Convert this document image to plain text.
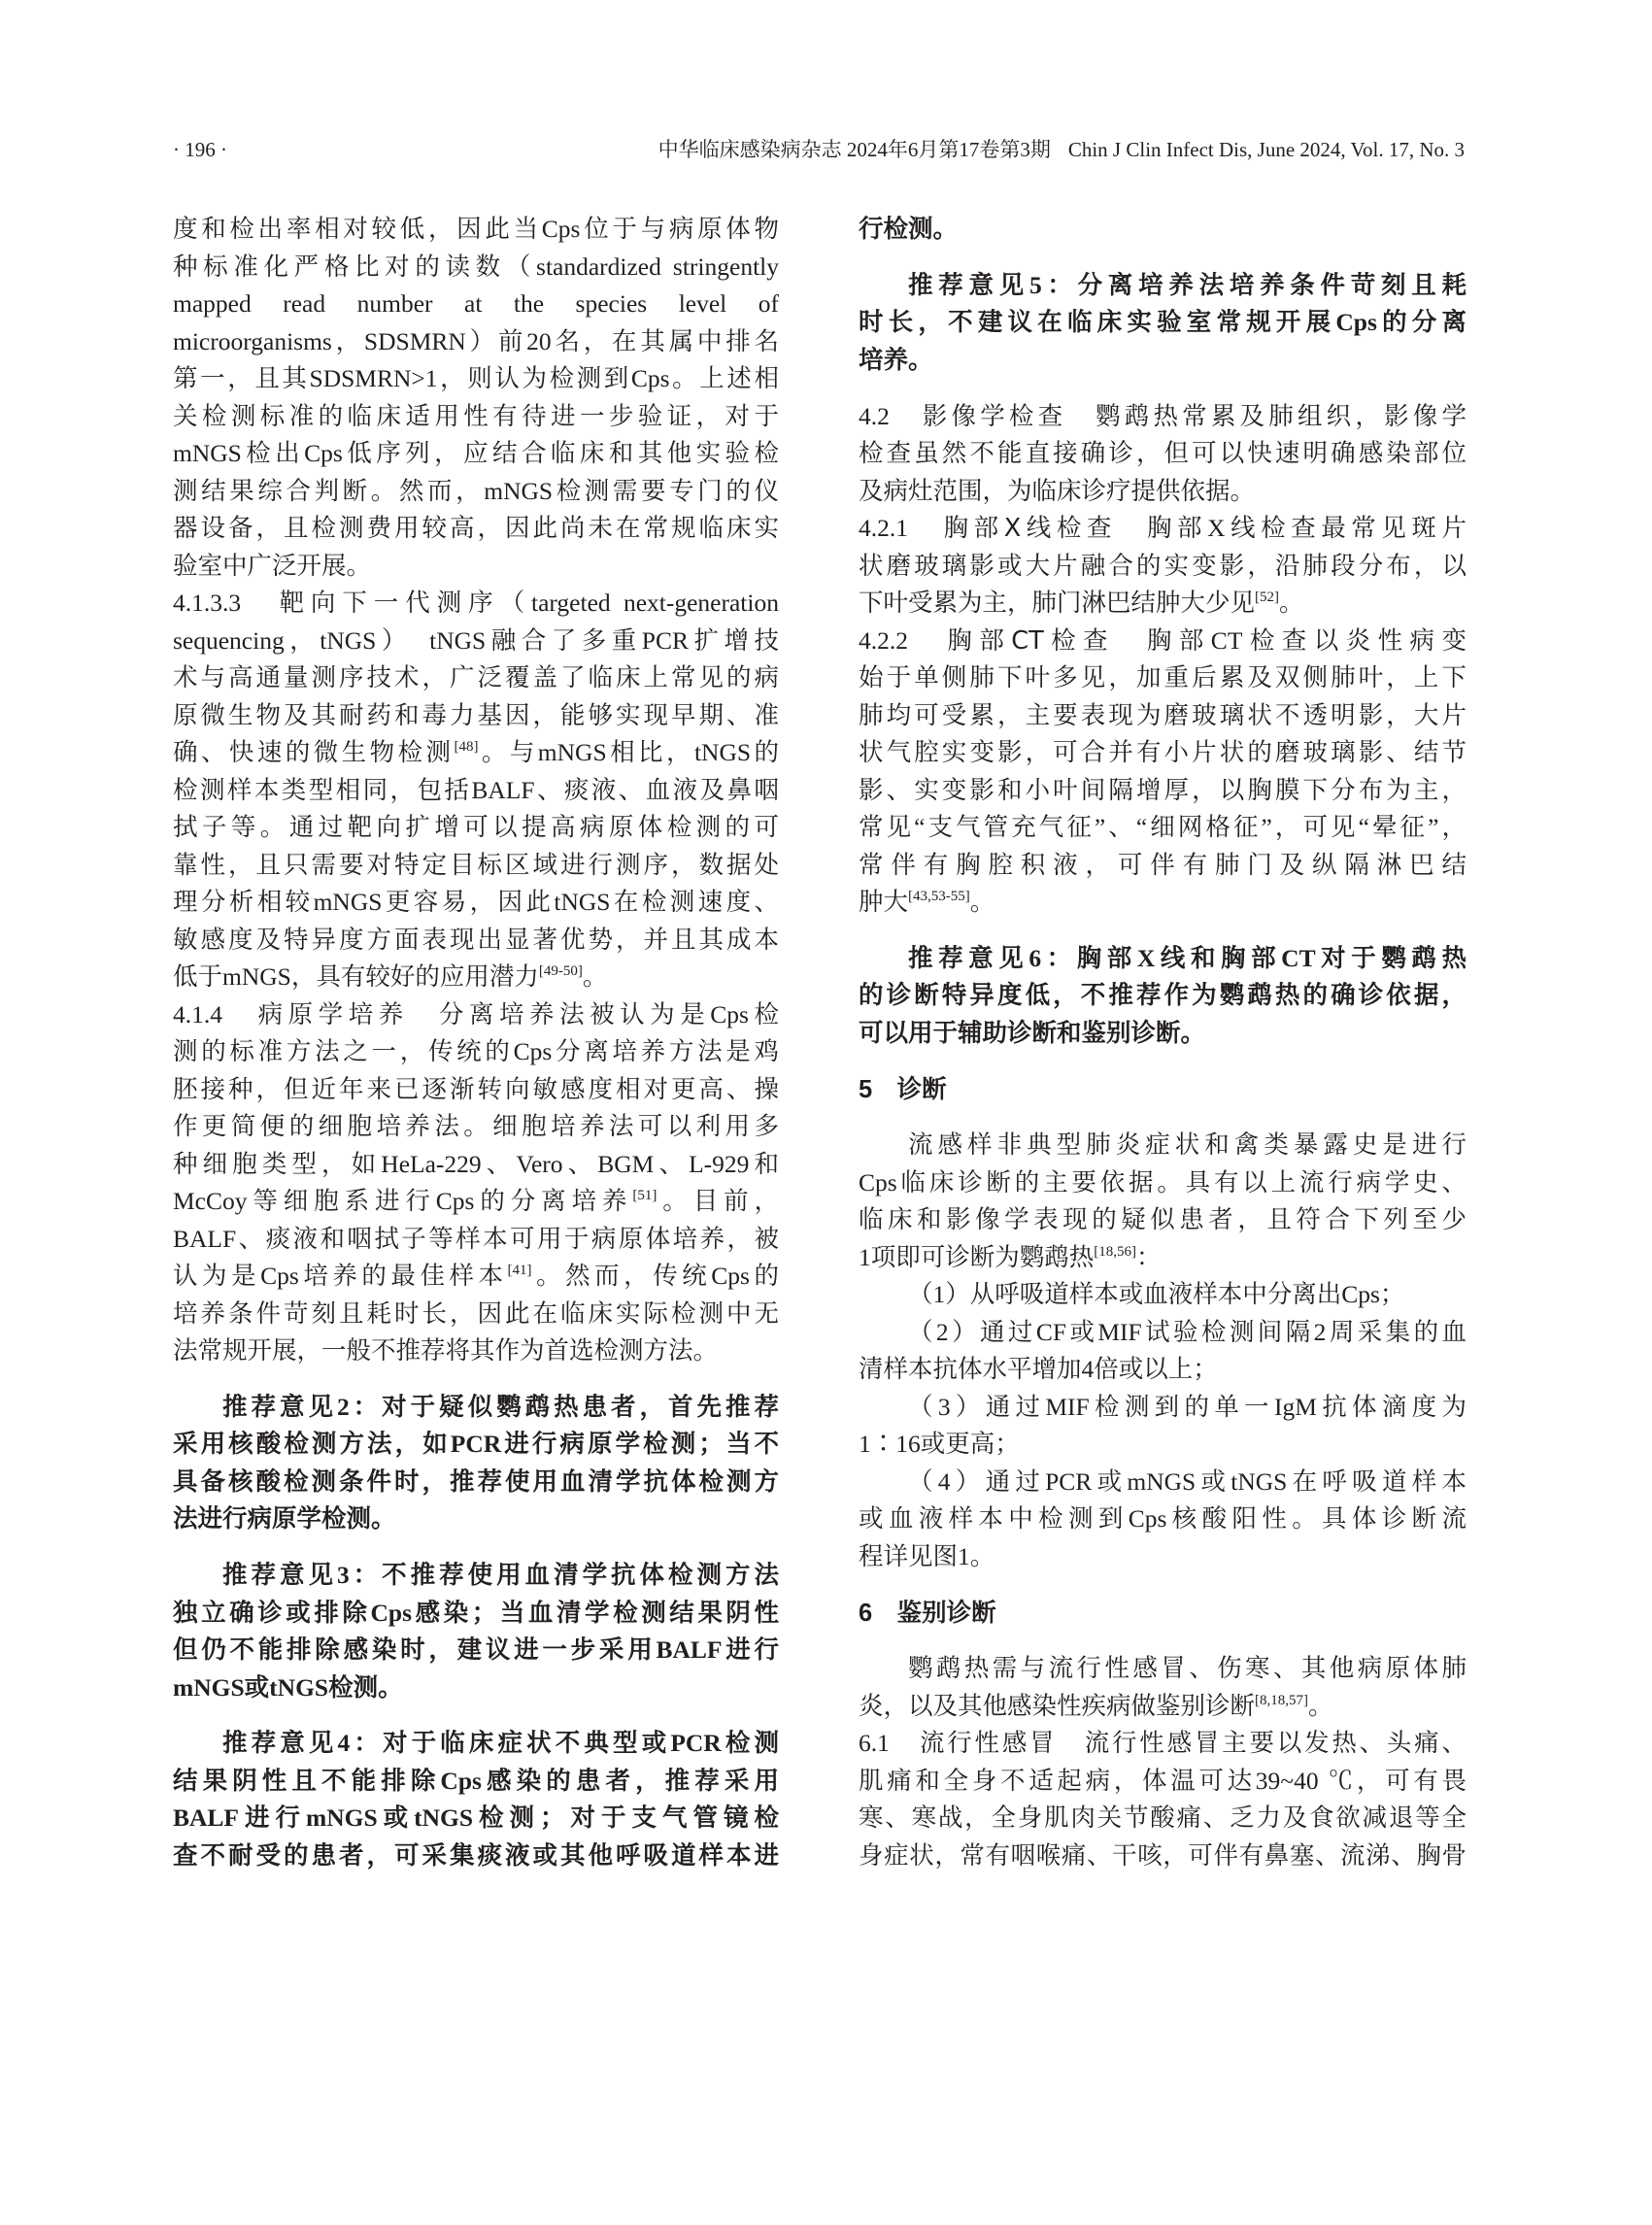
· 196 ·	中华临床感染病杂志 2024年6月第17卷第3期 Chin J Clin Infect Dis, June 2024, Vol. 17, No. 3
度和检出率相对较低，因此当Cps位于与病原体物
种标准化严格比对的读数（standardized stringently
mapped read number at the species level of
microorganisms，SDSMRN）前20名，在其属中排名
第一，且其SDSMRN>1，则认为检测到Cps。上述相
关检测标准的临床适用性有待进一步验证，对于
mNGS检出Cps低序列，应结合临床和其他实验检
测结果综合判断。然而，mNGS检测需要专门的仪
器设备，且检测费用较高，因此尚未在常规临床实
验室中广泛开展。
4.1.3.3　靶向下一代测序（targeted next-generation
sequencing，tNGS）　tNGS融合了多重PCR扩增技
术与高通量测序技术，广泛覆盖了临床上常见的病
原微生物及其耐药和毒力基因，能够实现早期、准
确、快速的微生物检测[48]。与mNGS相比，tNGS的
检测样本类型相同，包括BALF、痰液、血液及鼻咽
拭子等。通过靶向扩增可以提高病原体检测的可
靠性，且只需要对特定目标区域进行测序，数据处
理分析相较mNGS更容易，因此tNGS在检测速度、
敏感度及特异度方面表现出显著优势，并且其成本
低于mNGS，具有较好的应用潜力[49-50]。
4.1.4　病原学培养　分离培养法被认为是Cps检
测的标准方法之一，传统的Cps分离培养方法是鸡
胚接种，但近年来已逐渐转向敏感度相对更高、操
作更简便的细胞培养法。细胞培养法可以利用多
种细胞类型，如HeLa-229、Vero、BGM、L-929和
McCoy等细胞系进行Cps的分离培养[51]。目前，
BALF、痰液和咽拭子等样本可用于病原体培养，被
认为是Cps培养的最佳样本[41]。然而，传统Cps的
培养条件苛刻且耗时长，因此在临床实际检测中无
法常规开展，一般不推荐将其作为首选检测方法。
推荐意见2：对于疑似鹦鹉热患者，首先推荐
采用核酸检测方法，如PCR进行病原学检测；当不
具备核酸检测条件时，推荐使用血清学抗体检测方
法进行病原学检测。
推荐意见3：不推荐使用血清学抗体检测方法
独立确诊或排除Cps感染；当血清学检测结果阴性
但仍不能排除感染时，建议进一步采用BALF进行
mNGS或tNGS检测。
推荐意见4：对于临床症状不典型或PCR检测
结果阴性且不能排除Cps感染的患者，推荐采用
BALF进行mNGS或tNGS检测；对于支气管镜检
查不耐受的患者，可采集痰液或其他呼吸道样本进
行检测。
推荐意见5：分离培养法培养条件苛刻且耗
时长，不建议在临床实验室常规开展Cps的分离
培养。
4.2　影像学检查　鹦鹉热常累及肺组织，影像学
检查虽然不能直接确诊，但可以快速明确感染部位
及病灶范围，为临床诊疗提供依据。
4.2.1　胸部X线检查　胸部X线检查最常见斑片
状磨玻璃影或大片融合的实变影，沿肺段分布，以
下叶受累为主，肺门淋巴结肿大少见[52]。
4.2.2　胸部CT检查　胸部CT检查以炎性病变
始于单侧肺下叶多见，加重后累及双侧肺叶，上下
肺均可受累，主要表现为磨玻璃状不透明影，大片
状气腔实变影，可合并有小片状的磨玻璃影、结节
影、实变影和小叶间隔增厚，以胸膜下分布为主，
常见“支气管充气征”、“细网格征”，可见“晕征”，
常伴有胸腔积液，可伴有肺门及纵隔淋巴结
肿大[43,53-55]。
推荐意见6：胸部X线和胸部CT对于鹦鹉热
的诊断特异度低，不推荐作为鹦鹉热的确诊依据，
可以用于辅助诊断和鉴别诊断。
5　诊断
流感样非典型肺炎症状和禽类暴露史是进行
Cps临床诊断的主要依据。具有以上流行病学史、
临床和影像学表现的疑似患者，且符合下列至少
1项即可诊断为鹦鹉热[18,56]：
（1）从呼吸道样本或血液样本中分离出Cps；
（2）通过CF或MIF试验检测间隔2周采集的血
清样本抗体水平增加4倍或以上；
（3）通过MIF检测到的单一IgM抗体滴度为
1∶16或更高；
（4）通过PCR或mNGS或tNGS在呼吸道样本
或血液样本中检测到Cps核酸阳性。具体诊断流
程详见图1。
6　鉴别诊断
鹦鹉热需与流行性感冒、伤寒、其他病原体肺
炎，以及其他感染性疾病做鉴别诊断[8,18,57]。
6.1　流行性感冒　流行性感冒主要以发热、头痛、
肌痛和全身不适起病，体温可达39~40 ℃，可有畏
寒、寒战，全身肌肉关节酸痛、乏力及食欲减退等全
身症状，常有咽喉痛、干咳，可伴有鼻塞、流涕、胸骨
